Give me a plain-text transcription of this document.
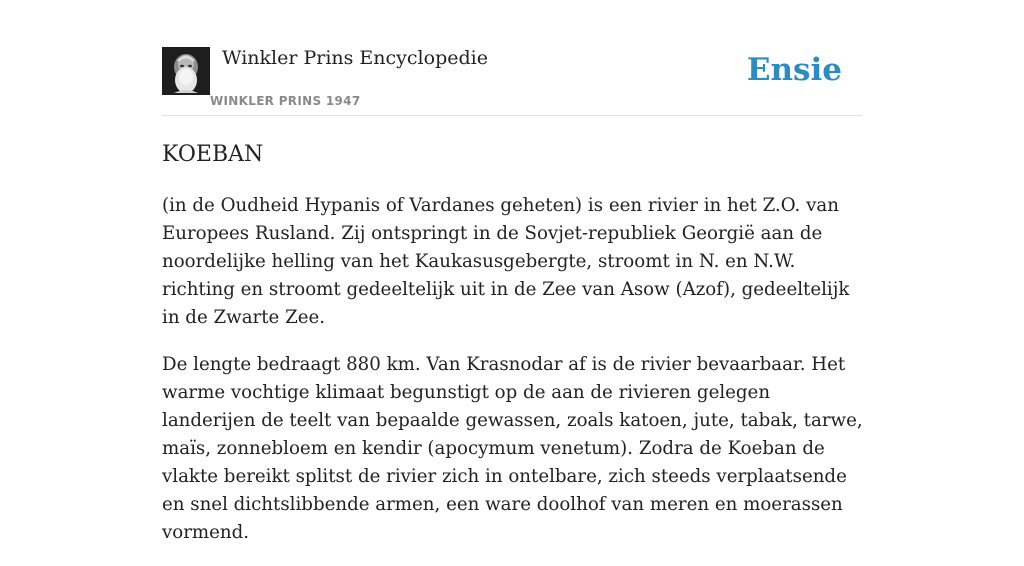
Winkler Prins Encyclopedie
WINKLER PRINS 1947
Ensie
KOEBAN

(in de Oudheid Hypanis of Vardanes geheten) is een rivier in het Z.O. van Europees Rusland. Zij ontspringt in de Sovjet-republiek Georgië aan de noordelijke helling van het Kaukasusgebergte, stroomt in N. en N.W. richting en stroomt gedeeltelijk uit in de Zee van Asow (Azof), gedeeltelijk in de Zwarte Zee.

De lengte bedraagt 880 km. Van Krasnodar af is de rivier bevaarbaar. Het warme vochtige klimaat begunstigt op de aan de rivieren gelegen landerijen de teelt van bepaalde gewassen, zoals katoen, jute, tabak, tarwe, maïs, zonnebloem en kendir (apocymum venetum). Zodra de Koeban de vlakte bereikt splitst de rivier zich in ontelbare, zich steeds verplaatsende en snel dichtslibbende armen, een ware doolhof van meren en moerassen vormend.
